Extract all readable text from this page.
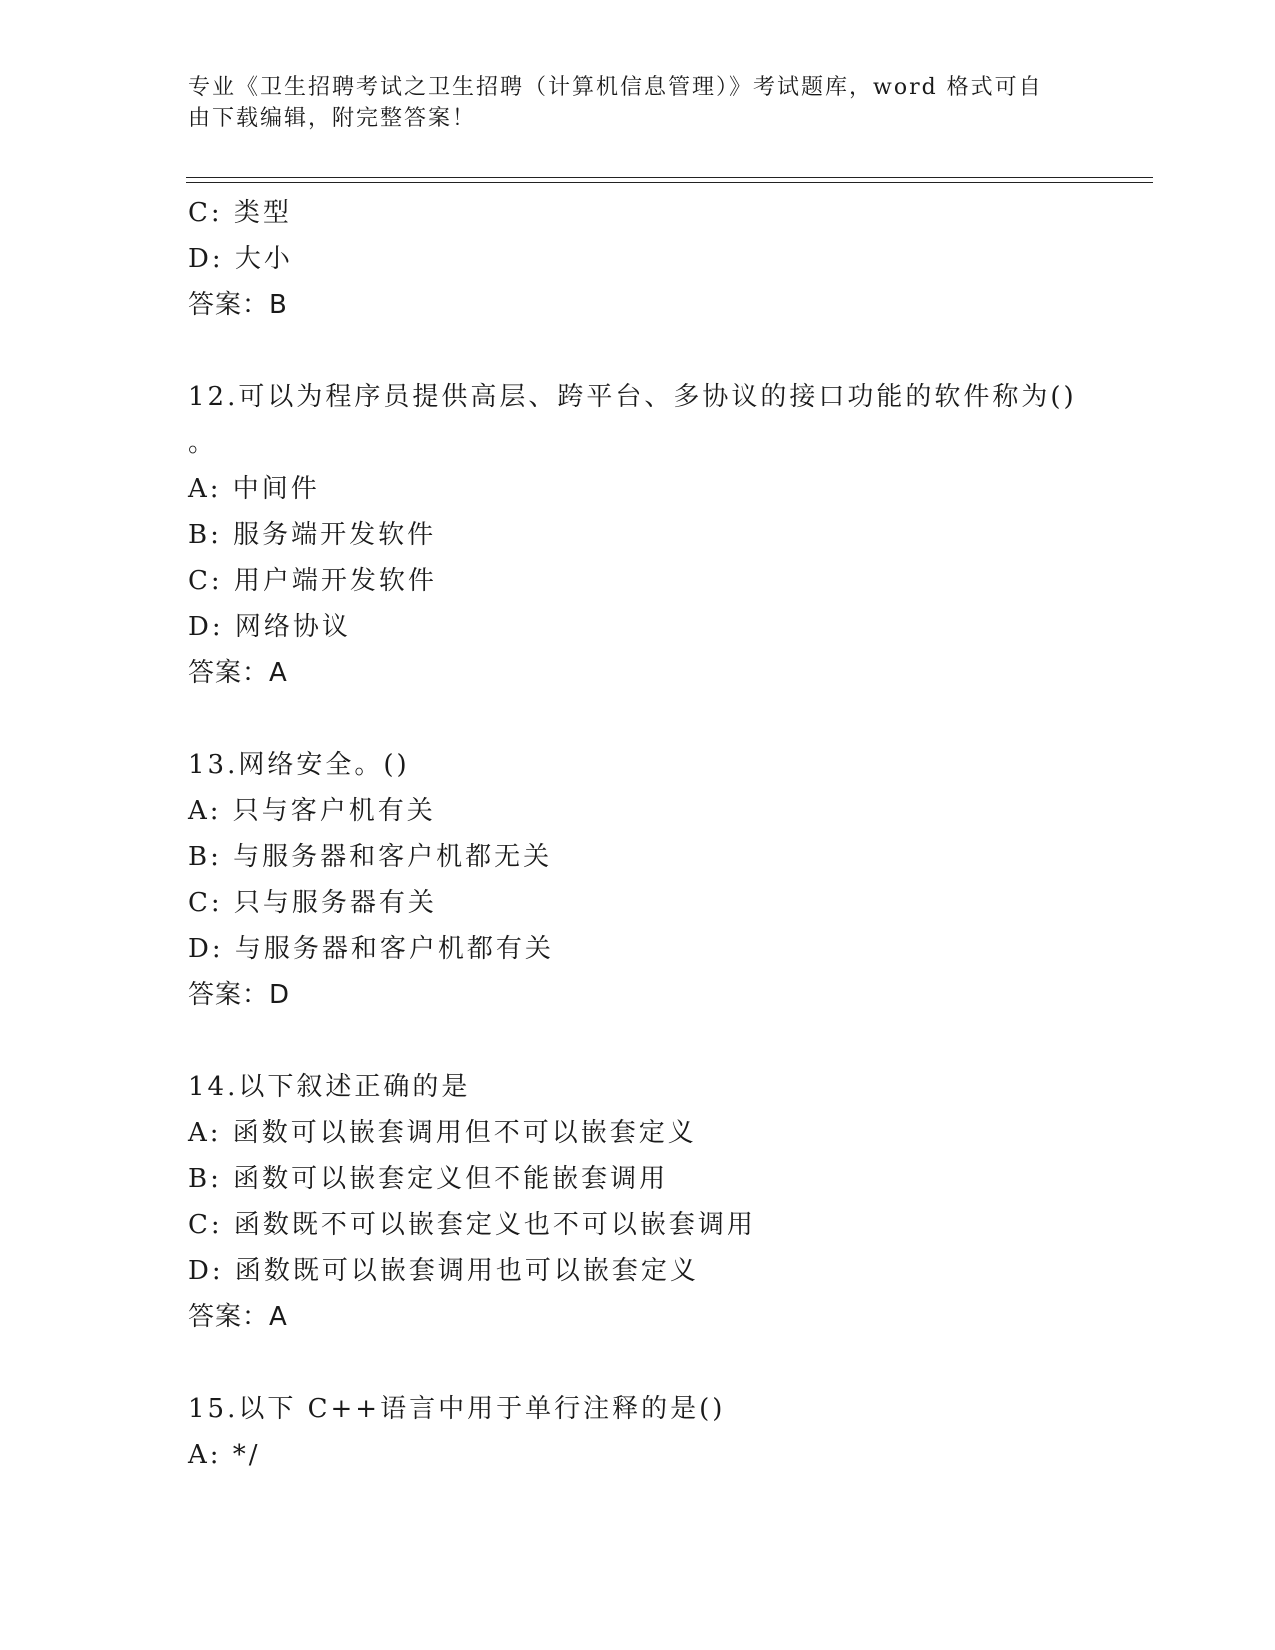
专业《卫生招聘考试之卫生招聘（计算机信息管理）》考试题库，word 格式可自
由下载编辑，附完整答案！
C: 类型
D: 大小
答案：B
12.可以为程序员提供高层、跨平台、多协议的接口功能的软件称为()
。
A: 中间件
B: 服务端开发软件
C: 用户端开发软件
D: 网络协议
答案：A
13.网络安全。()
A: 只与客户机有关
B: 与服务器和客户机都无关
C: 只与服务器有关
D: 与服务器和客户机都有关
答案：D
14.以下叙述正确的是
A: 函数可以嵌套调用但不可以嵌套定义
B: 函数可以嵌套定义但不能嵌套调用
C: 函数既不可以嵌套定义也不可以嵌套调用
D: 函数既可以嵌套调用也可以嵌套定义
答案：A
15.以下 C++语言中用于单行注释的是()
A: */
